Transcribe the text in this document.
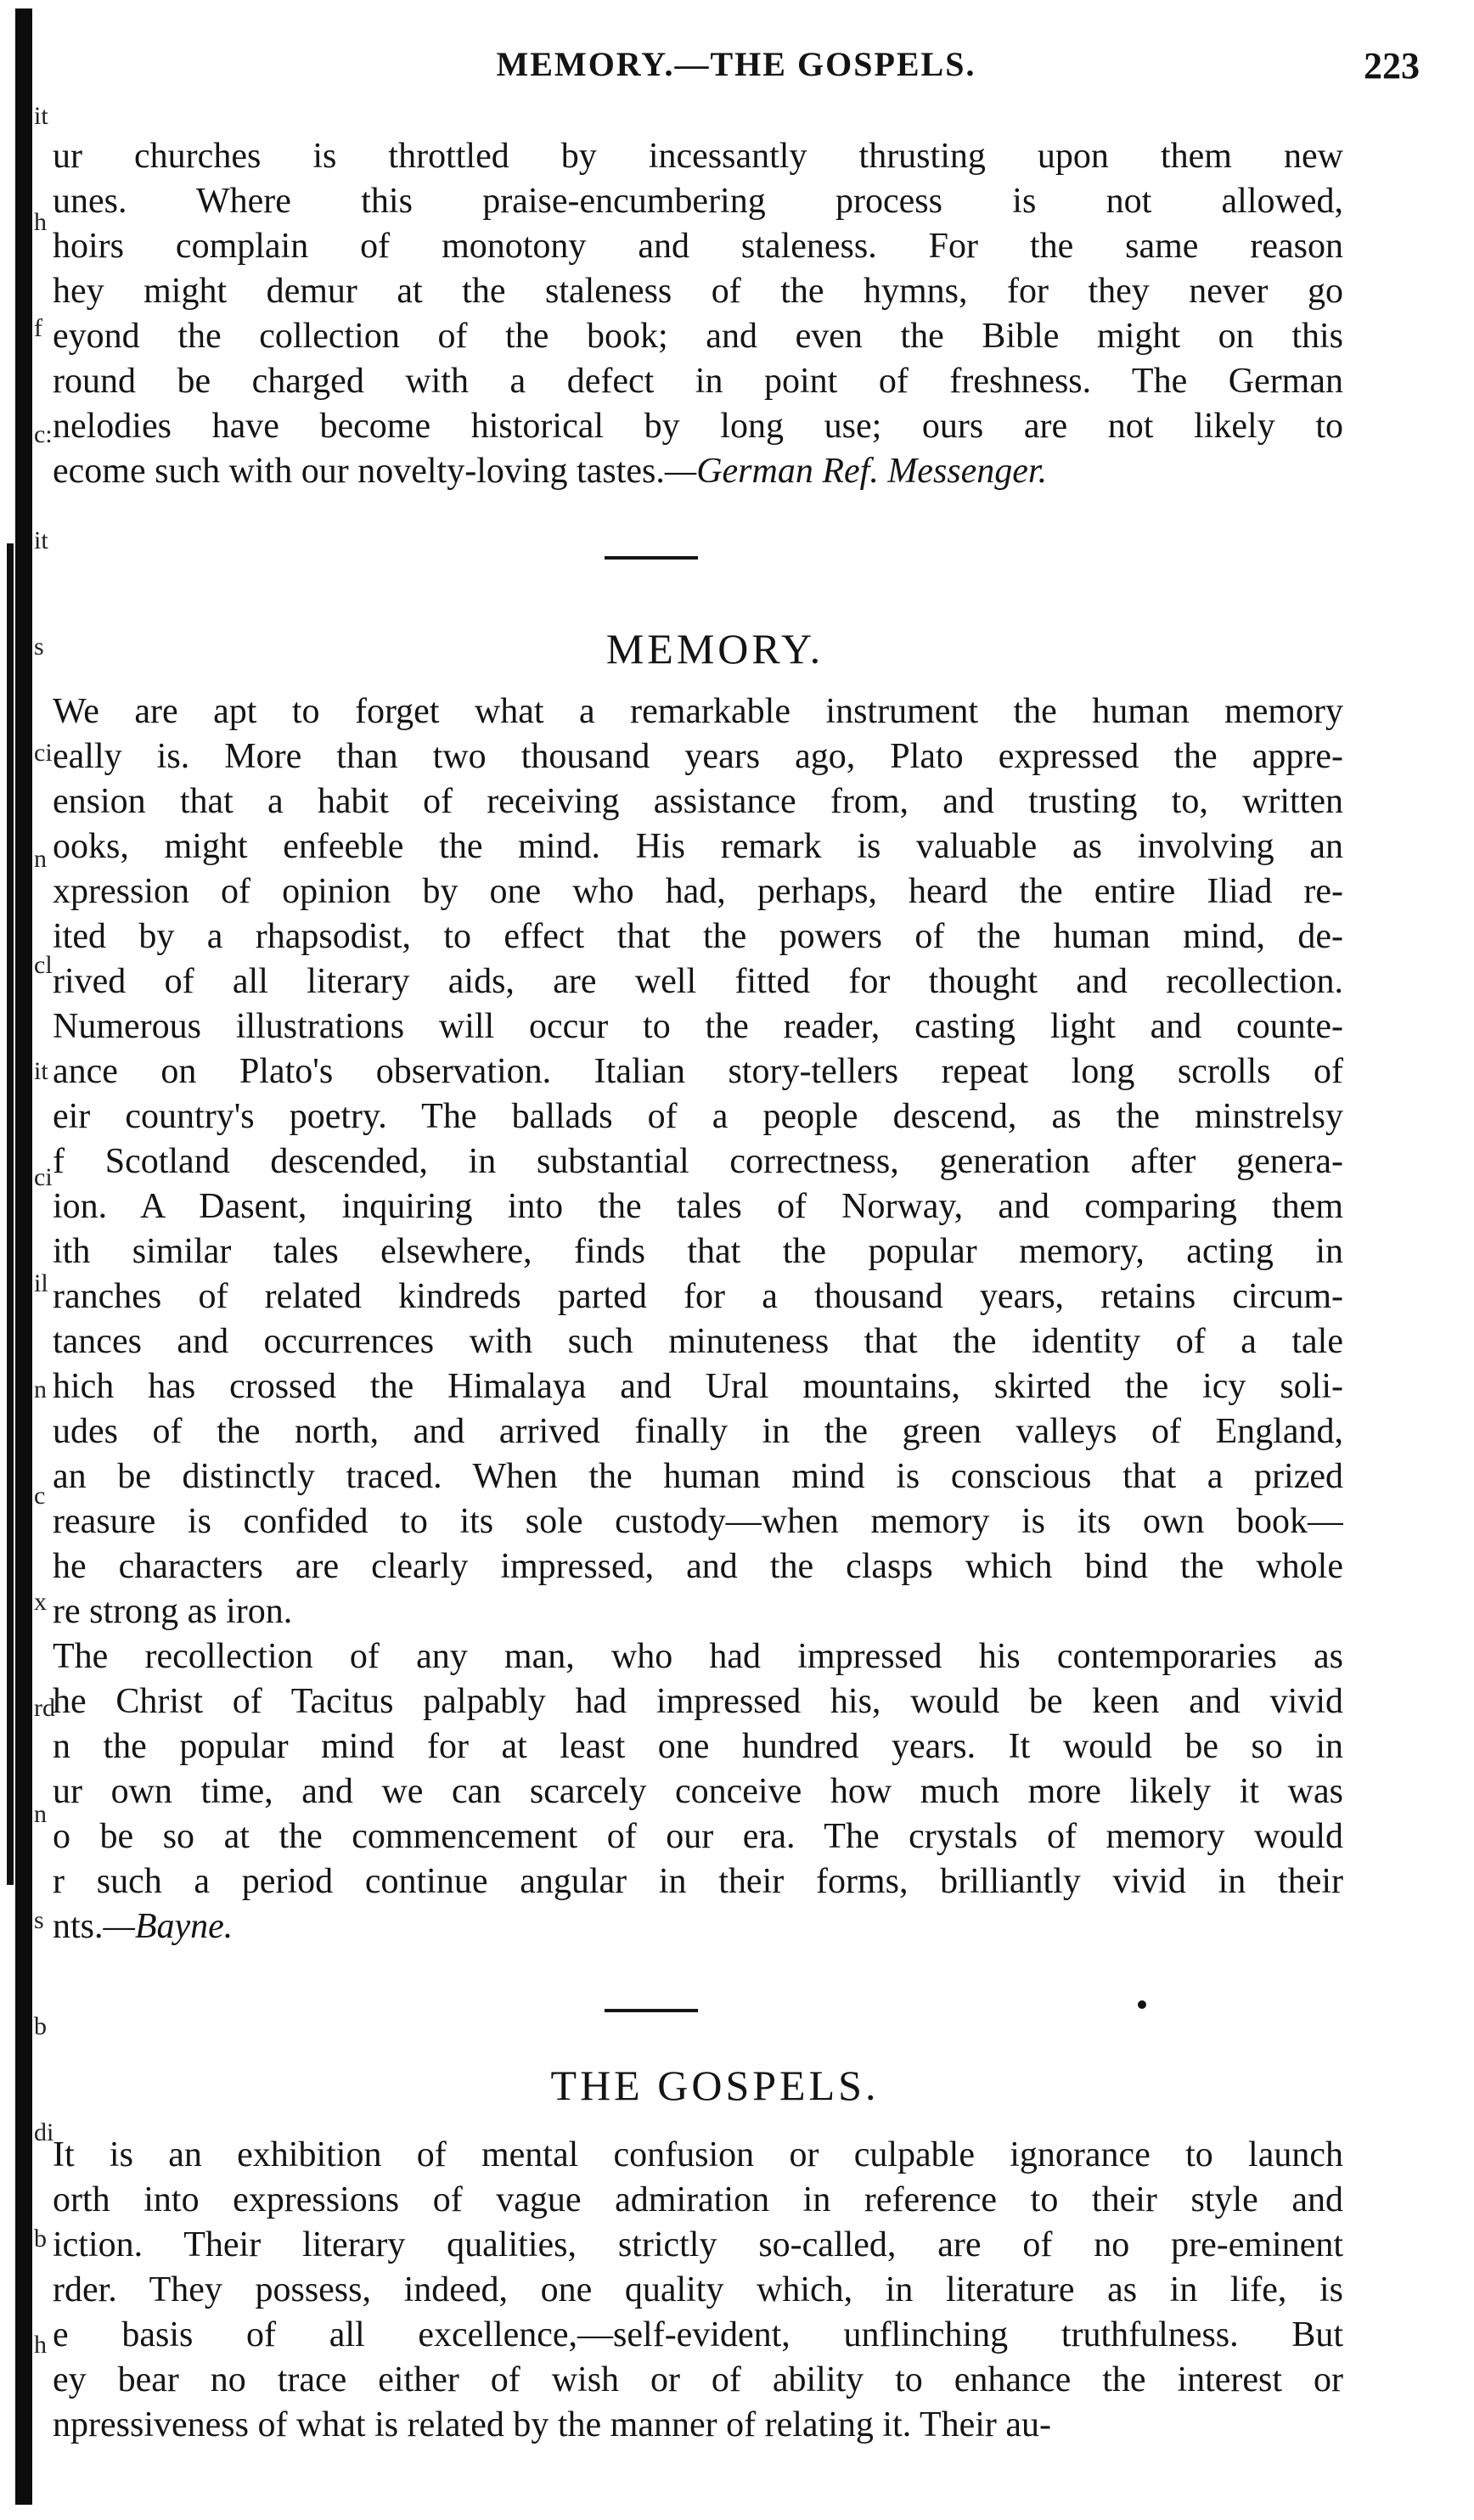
it
h
f
c:
it
s
ci
n
cl
it
ci
il
n
c
x
rd
n
s
b
di
b
h
MEMORY.—THE GOSPELS.	223
ur churches is throttled by incessantly thrusting upon them new
unes. Where this praise-encumbering process is not allowed,
hoirs complain of monotony and staleness. For the same reason
hey might demur at the staleness of the hymns, for they never go
eyond the collection of the book; and even the Bible might on this
round be charged with a defect in point of freshness. The German
nelodies have become historical by long use; ours are not likely to
ecome such with our novelty-loving tastes.—German Ref. Messenger.
MEMORY.
We are apt to forget what a remarkable instrument the human memory
eally is. More than two thousand years ago, Plato expressed the appre-
ension that a habit of receiving assistance from, and trusting to, written
ooks, might enfeeble the mind. His remark is valuable as involving an
xpression of opinion by one who had, perhaps, heard the entire Iliad re-
ited by a rhapsodist, to effect that the powers of the human mind, de-
rived of all literary aids, are well fitted for thought and recollection.
Numerous illustrations will occur to the reader, casting light and counte-
ance on Plato's observation. Italian story-tellers repeat long scrolls of
eir country's poetry. The ballads of a people descend, as the minstrelsy
f Scotland descended, in substantial correctness, generation after genera-
ion. A Dasent, inquiring into the tales of Norway, and comparing them
ith similar tales elsewhere, finds that the popular memory, acting in
ranches of related kindreds parted for a thousand years, retains circum-
tances and occurrences with such minuteness that the identity of a tale
hich has crossed the Himalaya and Ural mountains, skirted the icy soli-
udes of the north, and arrived finally in the green valleys of England,
an be distinctly traced. When the human mind is conscious that a prized
reasure is confided to its sole custody—when memory is its own book—
he characters are clearly impressed, and the clasps which bind the whole
re strong as iron.
The recollection of any man, who had impressed his contemporaries as
he Christ of Tacitus palpably had impressed his, would be keen and vivid
n the popular mind for at least one hundred years. It would be so in
ur own time, and we can scarcely conceive how much more likely it was
o be so at the commencement of our era. The crystals of memory would
r such a period continue angular in their forms, brilliantly vivid in their
nts.—Bayne.
THE GOSPELS.
It is an exhibition of mental confusion or culpable ignorance to launch
orth into expressions of vague admiration in reference to their style and
iction. Their literary qualities, strictly so-called, are of no pre-eminent
rder. They possess, indeed, one quality which, in literature as in life, is
e basis of all excellence,—self-evident, unflinching truthfulness. But
ey bear no trace either of wish or of ability to enhance the interest or
npressiveness of what is related by the manner of relating it. Their au-
